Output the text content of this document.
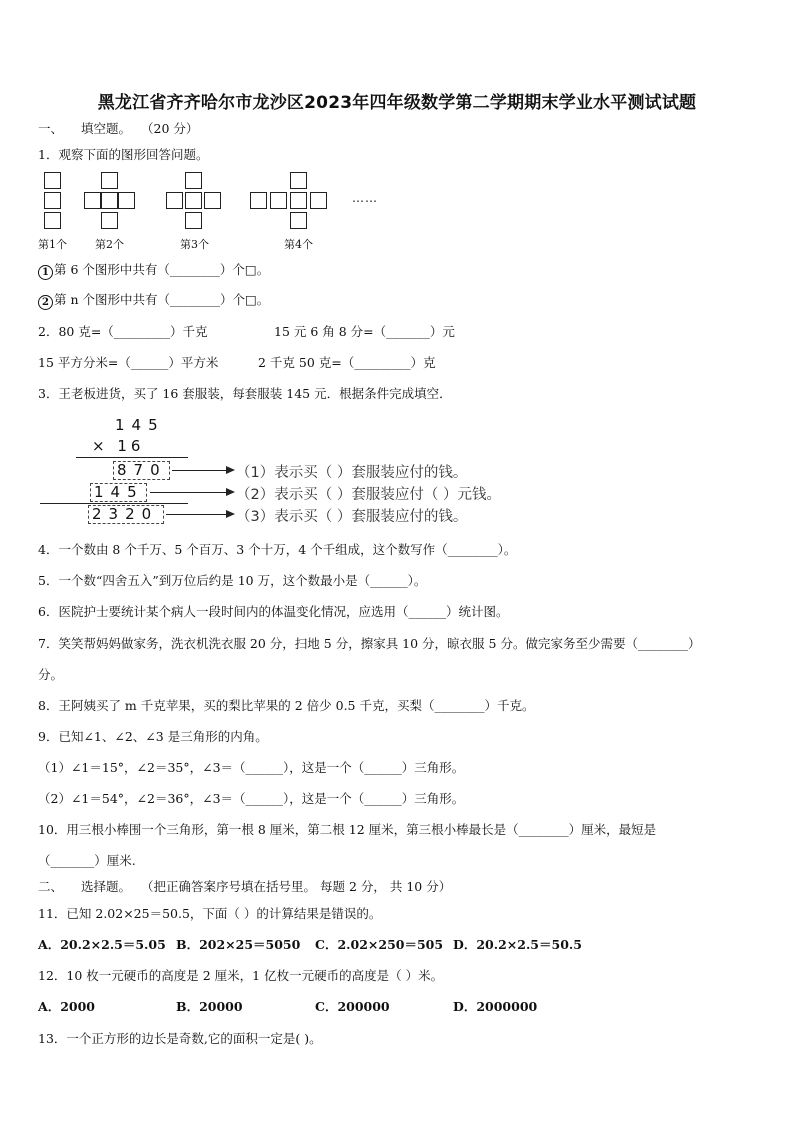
黑龙江省齐齐哈尔市龙沙区2023年四年级数学第二学期期末学业水平测试试题
一、 填空题。 （20 分）
1．观察下面的图形回答问题。
第1个	第2个	第3个	第4个
……
1 第 6 个图形中共有（________）个□。
2 第 n 个图形中共有（________）个□。
2．80 克=（_________）千克	15 元 6 角 8 分=（_______）元
15 平方分米=（______）平方米	2 千克 50 克=（_________）克
3．王老板进货，买了 16 套服装，每套服装 145 元．根据条件完成填空．
145
× 16
870
145
2320
（1）表示买（ ）套服装应付的钱。
（2）表示买（ ）套服装应付（ ）元钱。
（3）表示买（ ）套服装应付的钱。
4．一个数由 8 个千万、5 个百万、3 个十万，4 个千组成，这个数写作（________）。
5．一个数“四舍五入”到万位后约是 10 万，这个数最小是（______）。
6．医院护士要统计某个病人一段时间内的体温变化情况，应选用（______）统计图。
7．笑笑帮妈妈做家务，洗衣机洗衣服 20 分，扫地 5 分，擦家具 10 分，晾衣服 5 分。做完家务至少需要（________）
分。
8．王阿姨买了 m 千克苹果，买的梨比苹果的 2 倍少 0.5 千克，买梨（________）千克。
9．已知∠1、∠2、∠3 是三角形的内角。
（1）∠1＝15°，∠2＝35°，∠3＝（______），这是一个（______）三角形。
（2）∠1＝54°，∠2＝36°，∠3＝（______），这是一个（______）三角形。
10．用三根小棒围一个三角形，第一根 8 厘米，第二根 12 厘米，第三根小棒最长是（________）厘米，最短是
（_______）厘米.
二、 选择题。 （把正确答案序号填在括号里。 每题 2 分， 共 10 分）
11．已知 2.02×25＝50.5，下面（ ）的计算结果是错误的。
A．20.2×2.5＝5.05 B．202×25＝5050 C．2.02×250＝505 D．20.2×2.5＝50.5
12．10 枚一元硬币的高度是 2 厘米，1 亿枚一元硬币的高度是（ ）米。
A．2000	B．20000	C．200000	D．2000000
13．一个正方形的边长是奇数,它的面积一定是( )。
